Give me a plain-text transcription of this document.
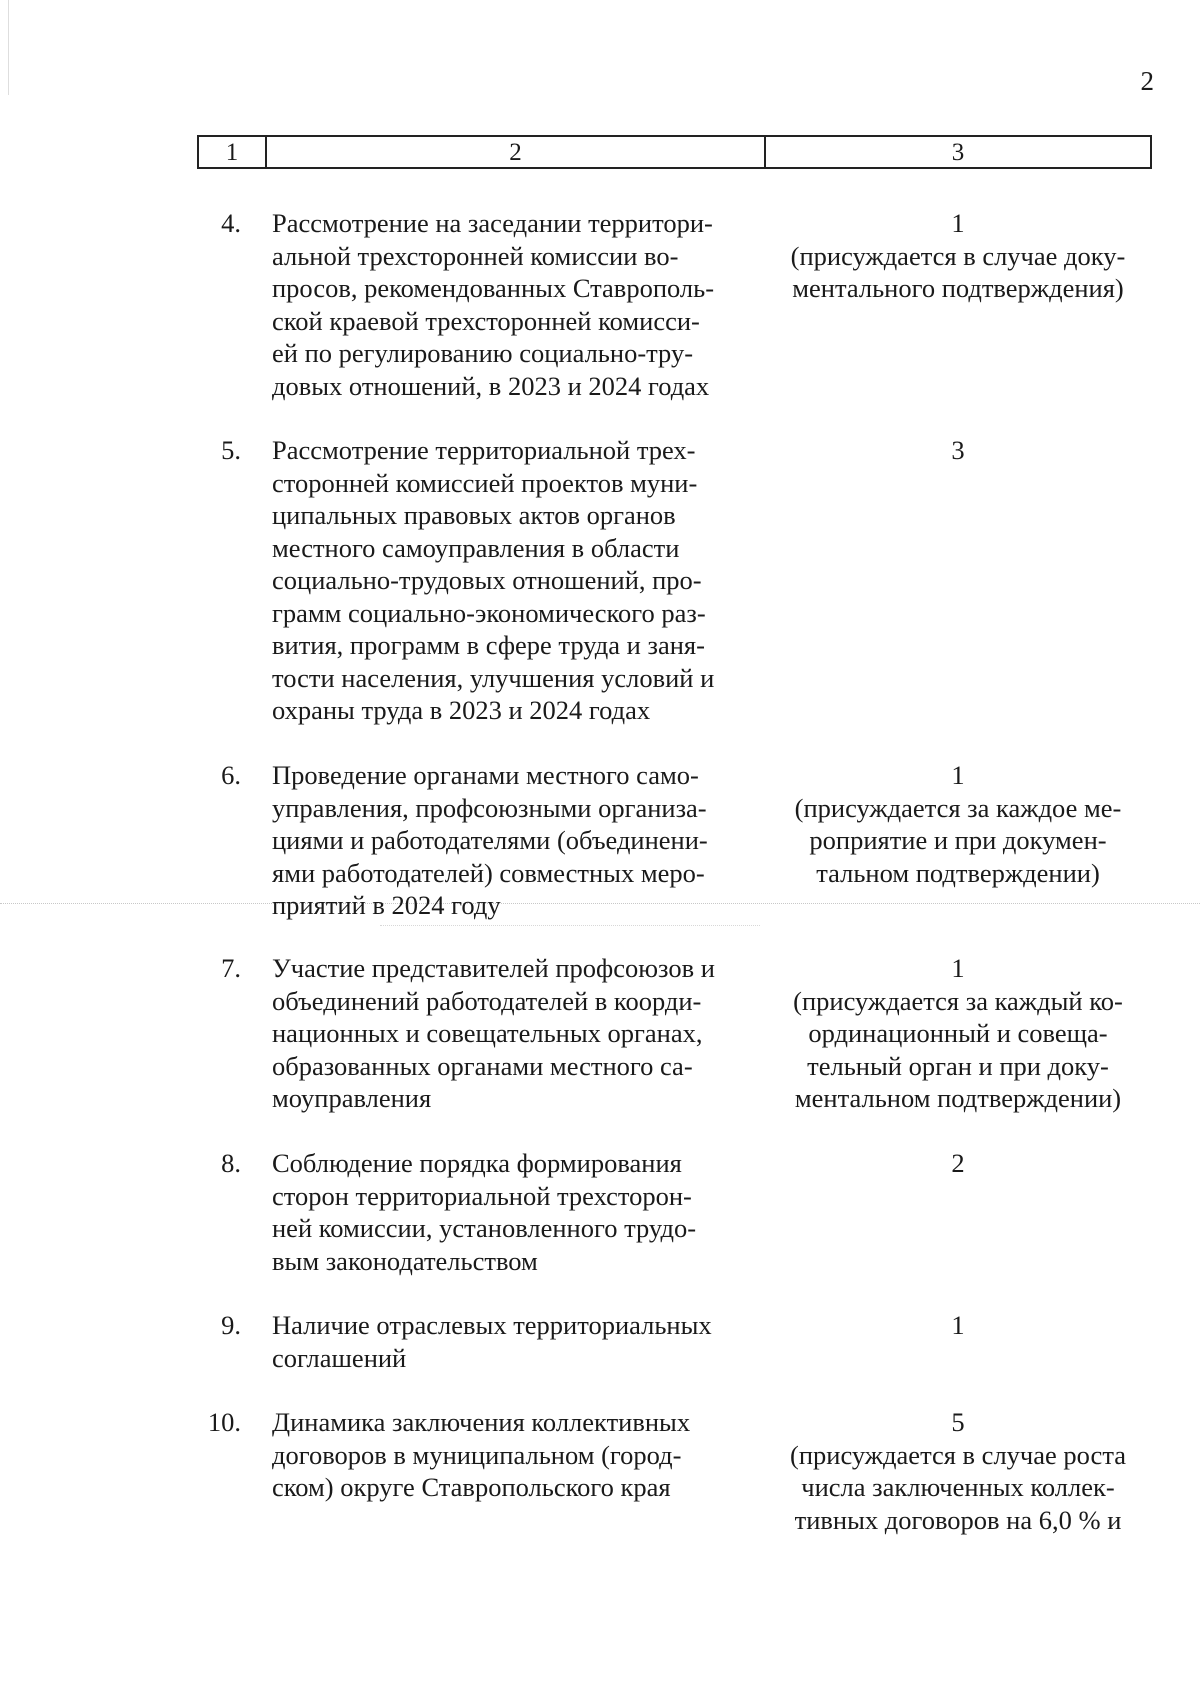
2
1	2	3
4. Рассмотрение на заседании территори-
альной трехсторонней комиссии во-
просов, рекомендованных Ставрополь-
ской краевой трехсторонней комисси-
ей по регулированию социально-тру-
довых отношений, в 2023 и 2024 годах
1
(присуждается в случае доку-
ментального подтверждения)
5. Рассмотрение территориальной трех-
сторонней комиссией проектов муни-
ципальных правовых актов органов
местного самоуправления в области
социально-трудовых отношений, про-
грамм социально-экономического раз-
вития, программ в сфере труда и заня-
тости населения, улучшения условий и
охраны труда в 2023 и 2024 годах
3
6. Проведение органами местного само-
управления, профсоюзными организа-
циями и работодателями (объединени-
ями работодателей) совместных меро-
приятий в 2024 году
1
(присуждается за каждое ме-
роприятие и при докумен-
тальном подтверждении)
7. Участие представителей профсоюзов и
объединений работодателей в коорди-
национных и совещательных органах,
образованных органами местного са-
моуправления
1
(присуждается за каждый ко-
ординационный и совеща-
тельный орган и при доку-
ментальном подтверждении)
8. Соблюдение порядка формирования
сторон территориальной трехсторон-
ней комиссии, установленного трудо-
вым законодательством
2
9. Наличие отраслевых территориальных
соглашений
1
10. Динамика заключения коллективных
договоров в муниципальном (город-
ском) округе Ставропольского края
5
(присуждается в случае роста
числа заключенных коллек-
тивных договоров на 6,0 % и
